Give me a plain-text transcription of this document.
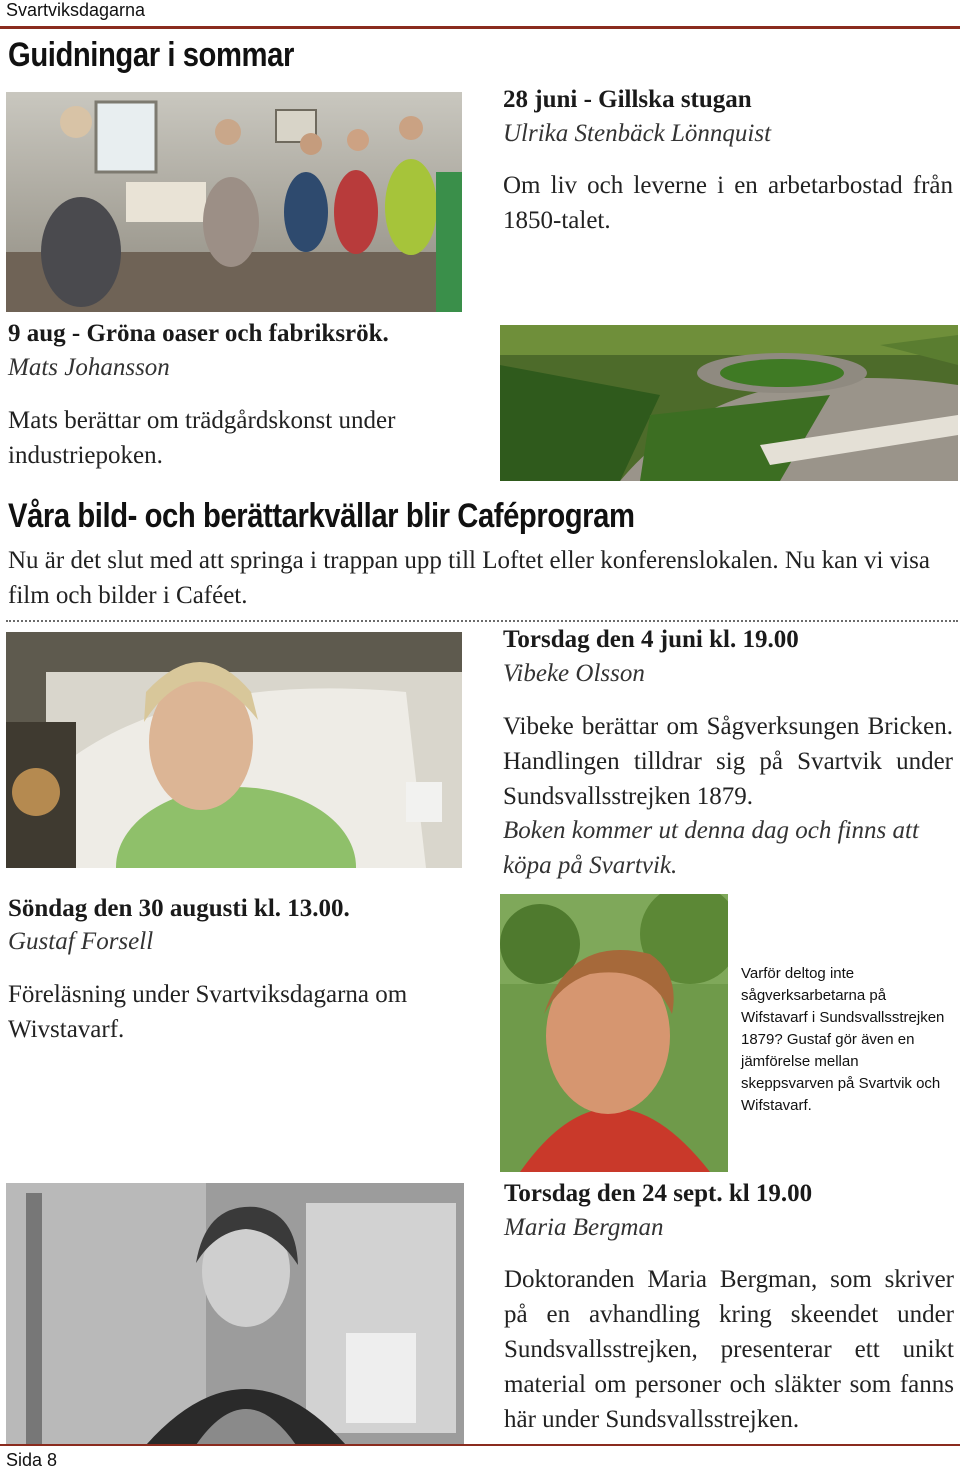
Svartviksdagarna
Guidningar i sommar
28 juni - Gillska stugan
Ulrika Stenbäck Lönnquist
Om liv och leverne i en arbetarbostad från 1850-talet.
9 aug - Gröna oaser och fabriksrök.
Mats Johansson
Mats berättar om trädgårdskonst under industriepoken.
Våra bild- och berättarkvällar blir Caféprogram
Nu är det slut med att springa i trappan upp till Loftet eller konferenslokalen. Nu kan vi visa film och bilder i Caféet.
Torsdag den 4 juni kl. 19.00
Vibeke Olsson
Vibeke berättar om Sågverksungen Bricken. Handlingen tilldrar sig på Svartvik under Sundsvallsstrejken 1879.
Boken kommer ut denna dag och finns att köpa på Svartvik.
Söndag den 30 augusti kl. 13.00.
Gustaf Forsell
Föreläsning under Svartviksdagarna om Wivstavarf.
Varför deltog inte sågverksarbetarna på Wifstavarf i Sundsvallsstrejken 1879? Gustaf gör även en jämförelse mellan skeppsvarven på Svartvik och Wifstavarf.
Torsdag den 24 sept. kl 19.00
Maria Bergman
Doktoranden Maria Bergman, som skriver på en avhandling kring skeendet under Sundsvallsstrejken, presenterar ett unikt material om personer och släkter som fanns här under Sundsvallsstrejken.
Sida 8
